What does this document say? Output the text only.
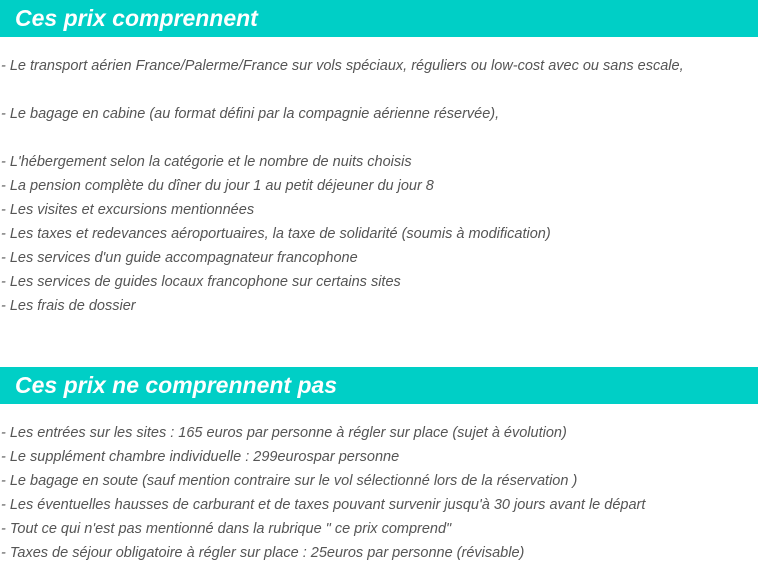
Ces prix comprennent

- Le transport aérien France/Palerme/France sur vols spéciaux, réguliers ou low-cost avec ou sans escale,

- Le bagage en cabine (au format défini par la compagnie aérienne réservée),

- L'hébergement selon la catégorie et le nombre de nuits choisis

- La pension complète du dîner du jour 1 au petit déjeuner du jour 8

- Les visites et excursions mentionnées

- Les taxes et redevances aéroportuaires, la taxe de solidarité (soumis à modification)

- Les services d'un guide accompagnateur francophone

- Les services de guides locaux francophone sur certains sites

- Les frais de dossier

Ces prix ne comprennent pas

- Les entrées sur les sites : 165 euros par personne à régler sur place (sujet à évolution)

- Le supplément chambre individuelle : 299eurospar personne

- Le bagage en soute (sauf mention contraire sur le vol sélectionné lors de la réservation )

- Les éventuelles hausses de carburant et de taxes pouvant survenir jusqu'à 30 jours avant le départ

- Tout ce qui n'est pas mentionné dans la rubrique " ce prix comprend"

- Taxes de séjour obligatoire à régler sur place : 25euros par personne (révisable)
